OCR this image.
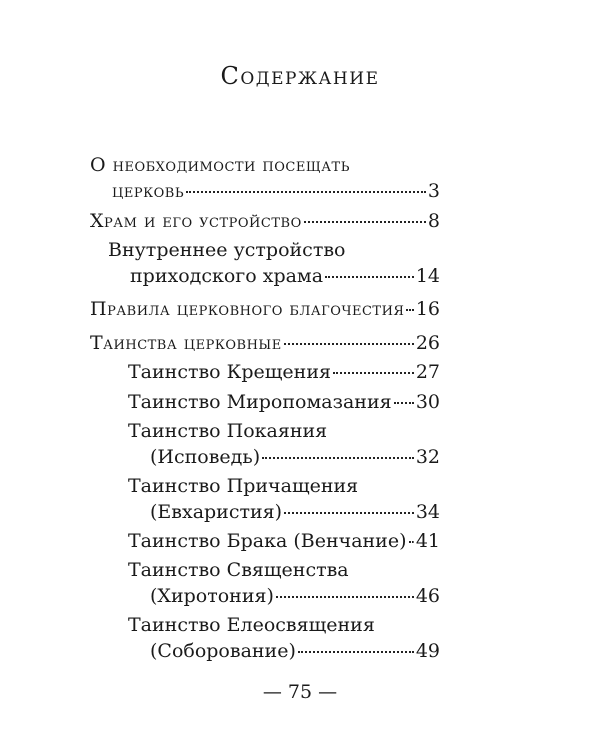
Содержание
О необходимости посещать
церковь	3
Храм и его устройство	8
Внутреннее устройство
приходского храма	14
Правила церковного благочестия 16
Таинства церковные	26
Таинство Крещения	27
Таинство Миропомазания 30
Таинство Покаяния
(Исповедь)	32
Таинство Причащения
(Евхаристия)	34
Таинство Брака (Венчание) 41
Таинство Священства
(Хиротония)	46
Таинство Елеосвящения
(Соборование)	49
— 75 —
